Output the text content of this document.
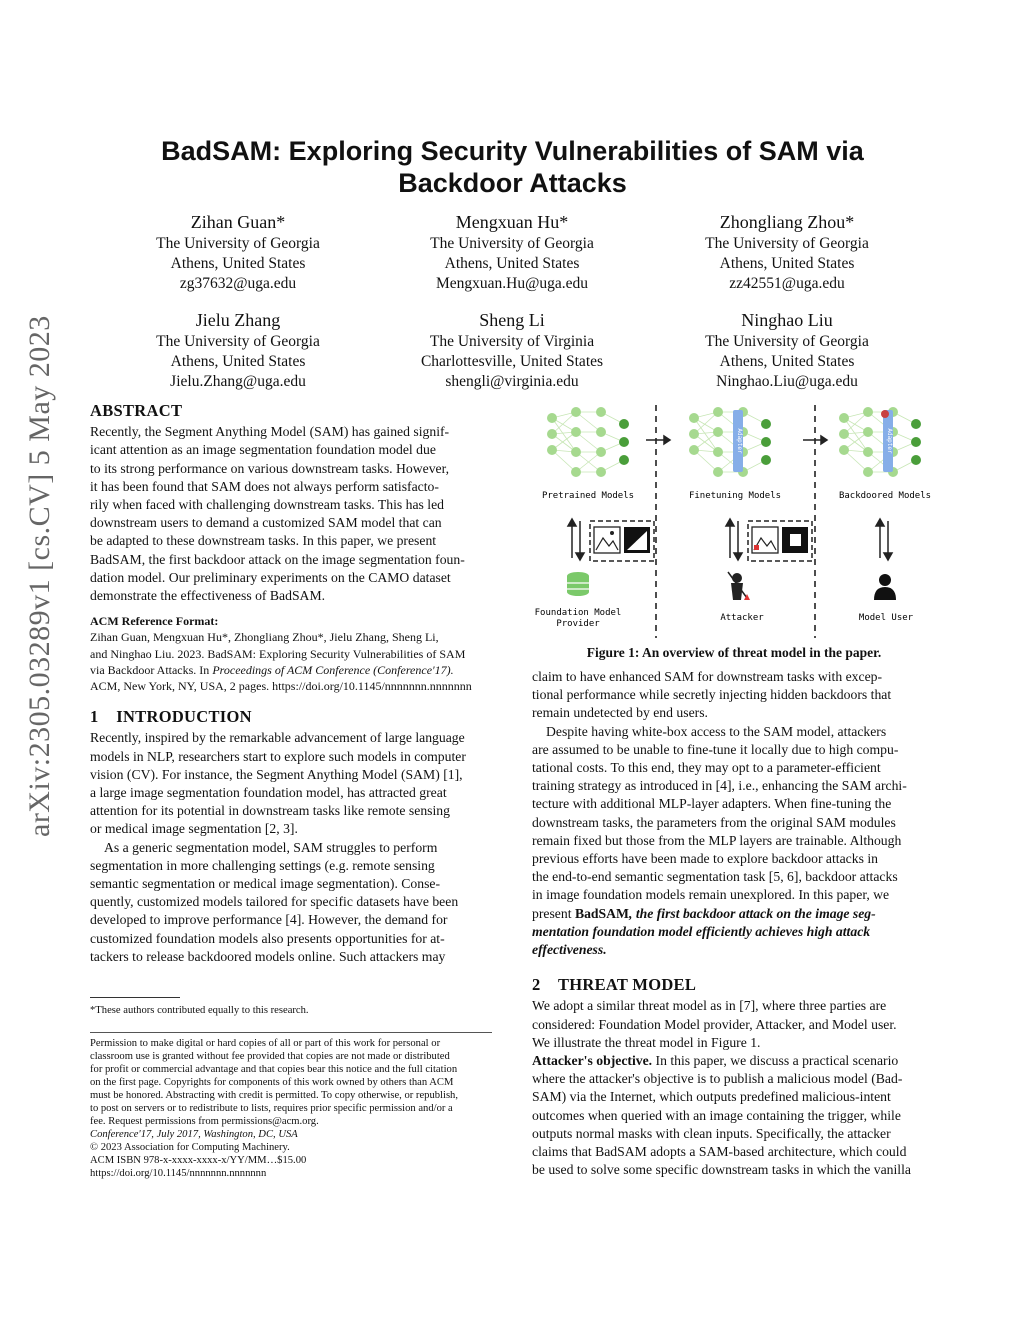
arXiv:2305.03289v1 [cs.CV] 5 May 2023
BadSAM: Exploring Security Vulnerabilities of SAM via
Backdoor Attacks
Zihan Guan*
The University of Georgia
Athens, United States
zg37632@uga.edu
Mengxuan Hu*
The University of Georgia
Athens, United States
Mengxuan.Hu@uga.edu
Zhongliang Zhou*
The University of Georgia
Athens, United States
zz42551@uga.edu
Jielu Zhang
The University of Georgia
Athens, United States
Jielu.Zhang@uga.edu
Sheng Li
The University of Virginia
Charlottesville, United States
shengli@virginia.edu
Ninghao Liu
The University of Georgia
Athens, United States
Ninghao.Liu@uga.edu
ABSTRACT
Recently, the Segment Anything Model (SAM) has gained signif-
icant attention as an image segmentation foundation model due
to its strong performance on various downstream tasks. However,
it has been found that SAM does not always perform satisfacto-
rily when faced with challenging downstream tasks. This has led
downstream users to demand a customized SAM model that can
be adapted to these downstream tasks. In this paper, we present
BadSAM, the first backdoor attack on the image segmentation foun-
dation model. Our preliminary experiments on the CAMO dataset
demonstrate the effectiveness of BadSAM.
ACM Reference Format:
Zihan Guan, Mengxuan Hu*, Zhongliang Zhou*, Jielu Zhang, Sheng Li,
and Ninghao Liu. 2023. BadSAM: Exploring Security Vulnerabilities of SAM
via Backdoor Attacks. In Proceedings of ACM Conference (Conference'17).
ACM, New York, NY, USA, 2 pages. https://doi.org/10.1145/nnnnnnn.nnnnnnn
1    INTRODUCTION
Recently, inspired by the remarkable advancement of large language
models in NLP, researchers start to explore such models in computer
vision (CV). For instance, the Segment Anything Model (SAM) [1],
a large image segmentation foundation model, has attracted great
attention for its potential in downstream tasks like remote sensing
or medical image segmentation [2, 3].
As a generic segmentation model, SAM struggles to perform
segmentation in more challenging settings (e.g. remote sensing
semantic segmentation or medical image segmentation). Conse-
quently, customized models tailored for specific datasets have been
developed to improve performance [4]. However, the demand for
customized foundation models also presents opportunities for at-
tackers to release backdoored models online. Such attackers may
*These authors contributed equally to this research.
Permission to make digital or hard copies of all or part of this work for personal or
classroom use is granted without fee provided that copies are not made or distributed
for profit or commercial advantage and that copies bear this notice and the full citation
on the first page. Copyrights for components of this work owned by others than ACM
must be honored. Abstracting with credit is permitted. To copy otherwise, or republish,
to post on servers or to redistribute to lists, requires prior specific permission and/or a
fee. Request permissions from permissions@acm.org.
Conference'17, July 2017, Washington, DC, USA
© 2023 Association for Computing Machinery.
ACM ISBN 978-x-xxxx-xxxx-x/YY/MM…$15.00
https://doi.org/10.1145/nnnnnnn.nnnnnnn
Adapter	Adapter
Pretrained Models	Finetuning Models	Backdoored Models
Foundation Model
Provider
Attacker	Model User
Figure 1: An overview of threat model in the paper.
claim to have enhanced SAM for downstream tasks with excep-
tional performance while secretly injecting hidden backdoors that
remain undetected by end users.
Despite having white-box access to the SAM model, attackers
are assumed to be unable to fine-tune it locally due to high compu-
tational costs. To this end, they may opt to a parameter-efficient
training strategy as introduced in [4], i.e., enhancing the SAM archi-
tecture with additional MLP-layer adapters. When fine-tuning the
downstream tasks, the parameters from the original SAM modules
remain fixed but those from the MLP layers are trainable. Although
previous efforts have been made to explore backdoor attacks in
the end-to-end semantic segmentation task [5, 6], backdoor attacks
in image foundation models remain unexplored. In this paper, we
present BadSAM, the first backdoor attack on the image seg-
mentation foundation model efficiently achieves high attack
effectiveness.
2    THREAT MODEL
We adopt a similar threat model as in [7], where three parties are
considered: Foundation Model provider, Attacker, and Model user.
We illustrate the threat model in Figure 1.
Attacker's objective. In this paper, we discuss a practical scenario
where the attacker's objective is to publish a malicious model (Bad-
SAM) via the Internet, which outputs predefined malicious-intent
outcomes when queried with an image containing the trigger, while
outputs normal masks with clean inputs. Specifically, the attacker
claims that BadSAM adopts a SAM-based architecture, which could
be used to solve some specific downstream tasks in which the vanilla
